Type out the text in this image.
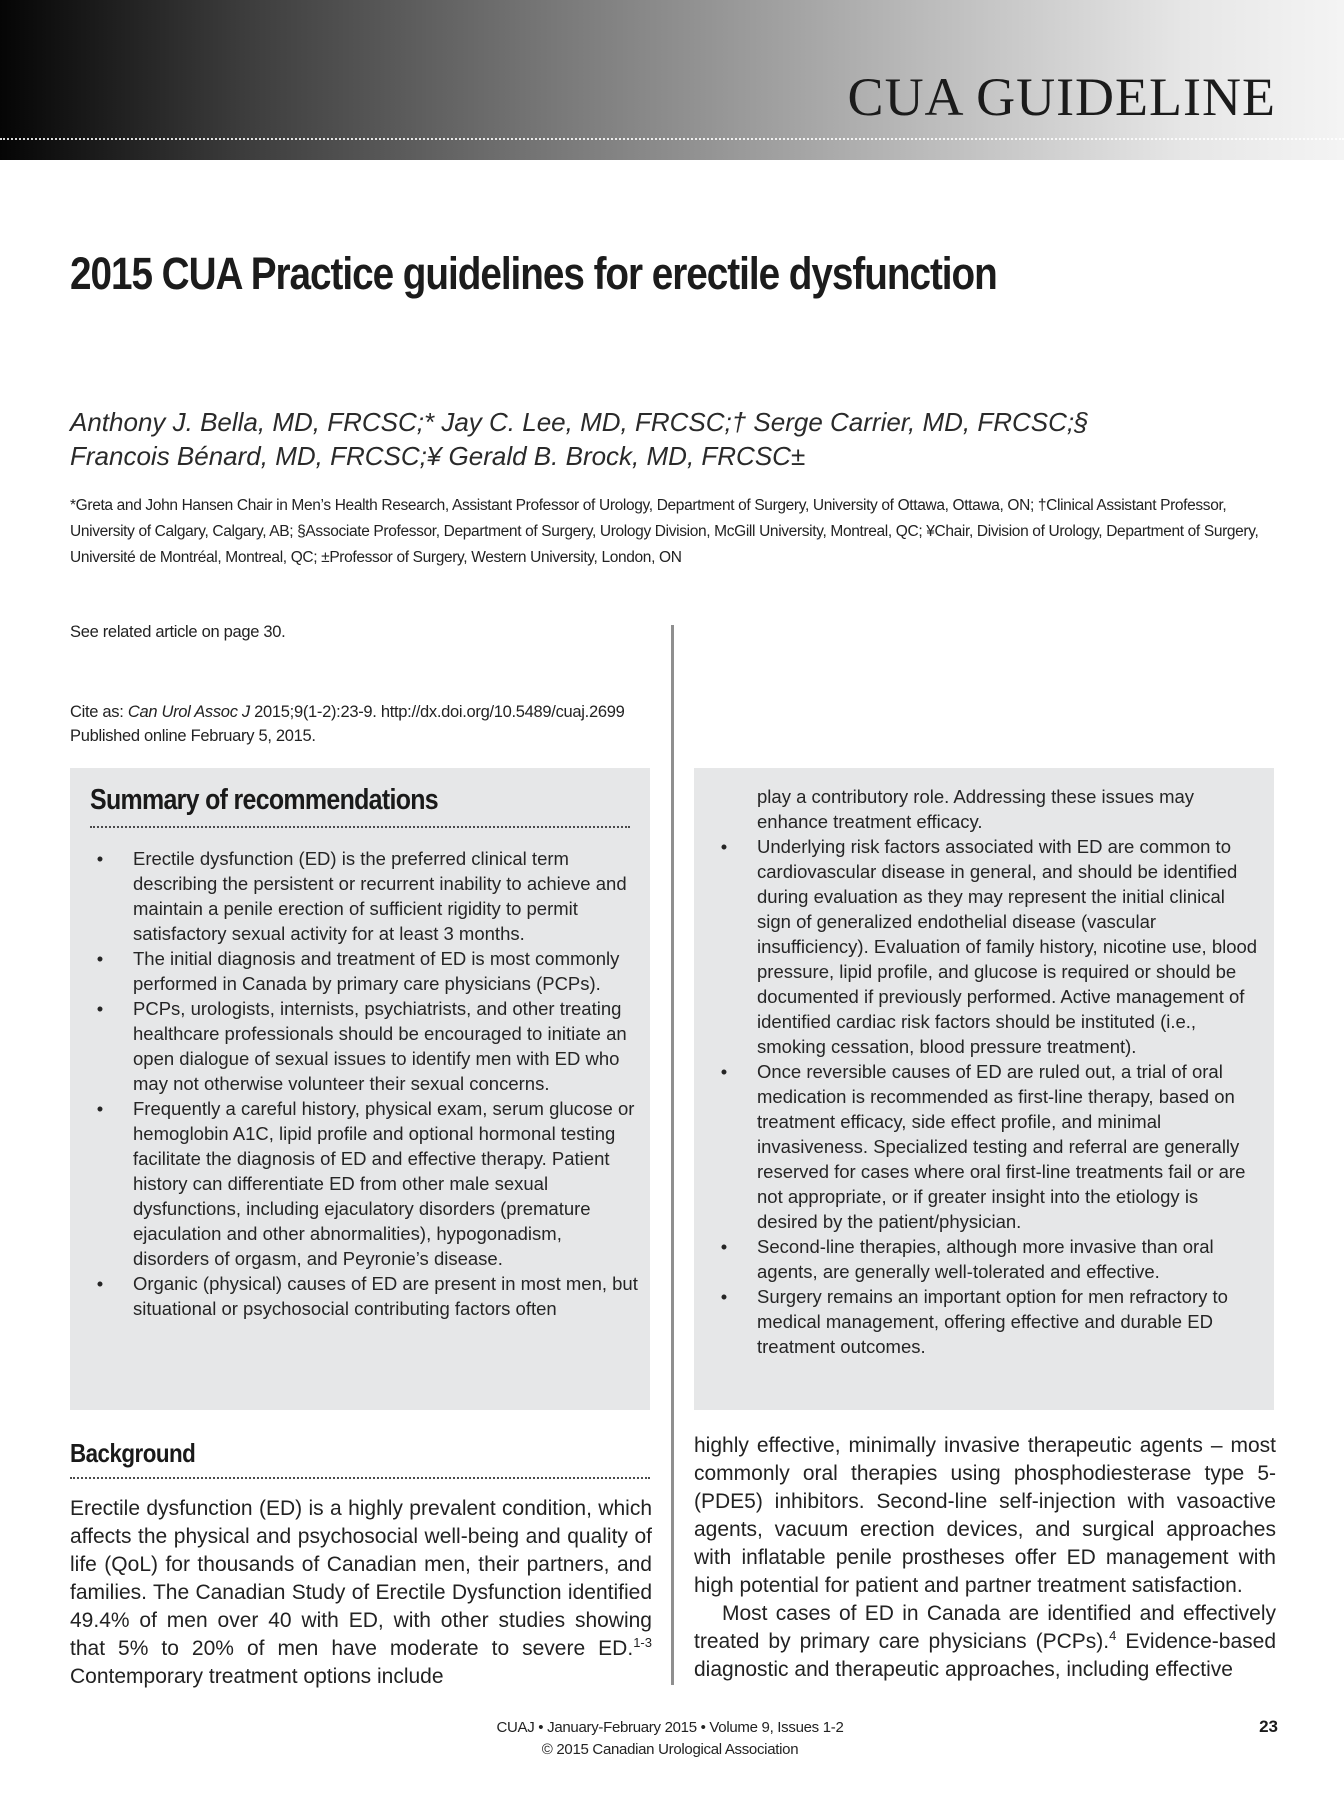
CUA GUIDELINE
2015 CUA Practice guidelines for erectile dysfunction
Anthony J. Bella, MD, FRCSC;* Jay C. Lee, MD, FRCSC;† Serge Carrier, MD, FRCSC;§
Francois Bénard, MD, FRCSC;¥ Gerald B. Brock, MD, FRCSC±
*Greta and John Hansen Chair in Men’s Health Research, Assistant Professor of Urology, Department of Surgery, University of Ottawa, Ottawa, ON; †Clinical Assistant Professor, University of Calgary, Calgary, AB; §Associate Professor, Department of Surgery, Urology Division, McGill University, Montreal, QC; ¥Chair, Division of Urology, Department of Surgery, Université de Montréal, Montreal, QC; ±Professor of Surgery, Western University, London, ON
See related article on page 30.
Cite as: Can Urol Assoc J 2015;9(1-2):23-9. http://dx.doi.org/10.5489/cuaj.2699
Published online February 5, 2015.
Summary of recommendations
•	Erectile dysfunction (ED) is the preferred clinical term describing the persistent or recurrent inability to achieve and maintain a penile erection of sufficient rigidity to permit satisfactory sexual activity for at least 3 months.
•	The initial diagnosis and treatment of ED is most commonly performed in Canada by primary care physicians (PCPs).
•	PCPs, urologists, internists, psychiatrists, and other treating healthcare professionals should be encouraged to initiate an open dialogue of sexual issues to identify men with ED who may not otherwise volunteer their sexual concerns.
•	Frequently a careful history, physical exam, serum glucose or hemoglobin A1C, lipid profile and optional hormonal testing facilitate the diagnosis of ED and effective therapy. Patient history can differentiate ED from other male sexual dysfunctions, including ejaculatory disorders (premature ejaculation and other abnormalities), hypogonadism, disorders of orgasm, and Peyronie’s disease.
•	Organic (physical) causes of ED are present in most men, but situational or psychosocial contributing factors often
play a contributory role. Addressing these issues may enhance treatment efficacy.
•	Underlying risk factors associated with ED are common to cardiovascular disease in general, and should be identified during evaluation as they may represent the initial clinical sign of generalized endothelial disease (vascular insufficiency). Evaluation of family history, nicotine use, blood pressure, lipid profile, and glucose is required or should be documented if previously performed. Active management of identified cardiac risk factors should be instituted (i.e., smoking cessation, blood pressure treatment).
•	Once reversible causes of ED are ruled out, a trial of oral medication is recommended as first-line therapy, based on treatment efficacy, side effect profile, and minimal invasiveness. Specialized testing and referral are generally reserved for cases where oral first-line treatments fail or are not appropriate, or if greater insight into the etiology is desired by the patient/physician.
•	Second-line therapies, although more invasive than oral agents, are generally well-tolerated and effective.
•	Surgery remains an important option for men refractory to medical management, offering effective and durable ED treatment outcomes.
Background

Erectile dysfunction (ED) is a highly prevalent condition, which affects the physical and psychosocial well-being and quality of life (QoL) for thousands of Canadian men, their partners, and families. The Canadian Study of Erectile Dysfunction identified 49.4% of men over 40 with ED, with other studies showing that 5% to 20% of men have moderate to severe ED.$^{1-3}$ Contemporary treatment options include

highly effective, minimally invasive therapeutic agents – most commonly oral therapies using phosphodiesterase type 5-(PDE5) inhibitors. Second-line self-injection with vasoactive agents, vacuum erection devices, and surgical approaches with inflatable penile prostheses offer ED management with high potential for patient and partner treatment satisfaction.

Most cases of ED in Canada are identified and effectively treated by primary care physicians (PCPs).$^4$ Evidence-based diagnostic and therapeutic approaches, including effective

CUAJ • January-February 2015 • Volume 9, Issues 1-2
© 2015 Canadian Urological Association
23
